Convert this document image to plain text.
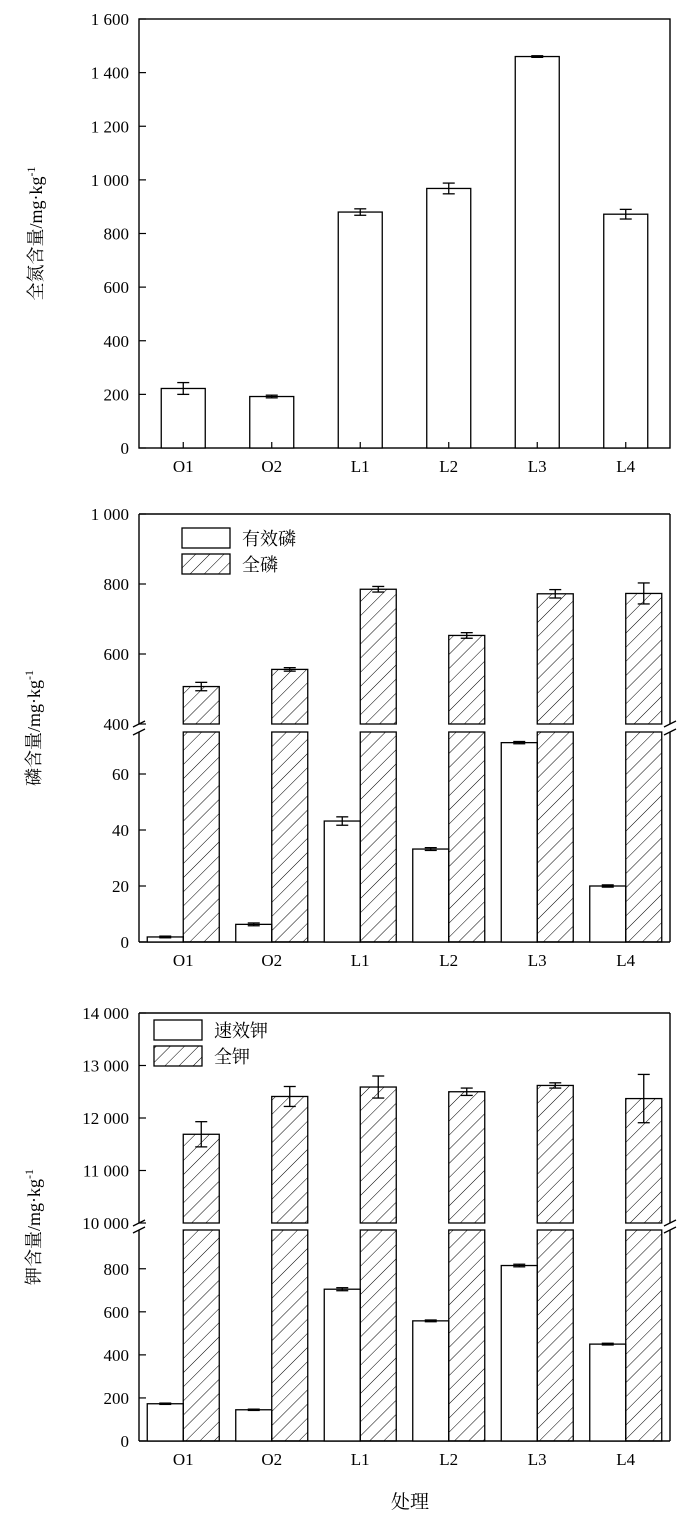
0
200
400
600
800
1 000
1 200
1 400
1 600
O1	O2	L1	L2	L3	L4
全氮含量$/mg\cdot kg^{-1}$
0
20
40
60
400
600
800
1 000
O1	O2	L1	L2	L3	L4
磷含量$/mg\cdot kg^{-1}$
有效磷
全磷
0
200
400
600
800
10 000
11 000
12 000
13 000
14 000
O1	O2	L1	L2	L3	L4
钾含量$/mg\cdot kg^{-1}$
速效钾
全钾
处理
